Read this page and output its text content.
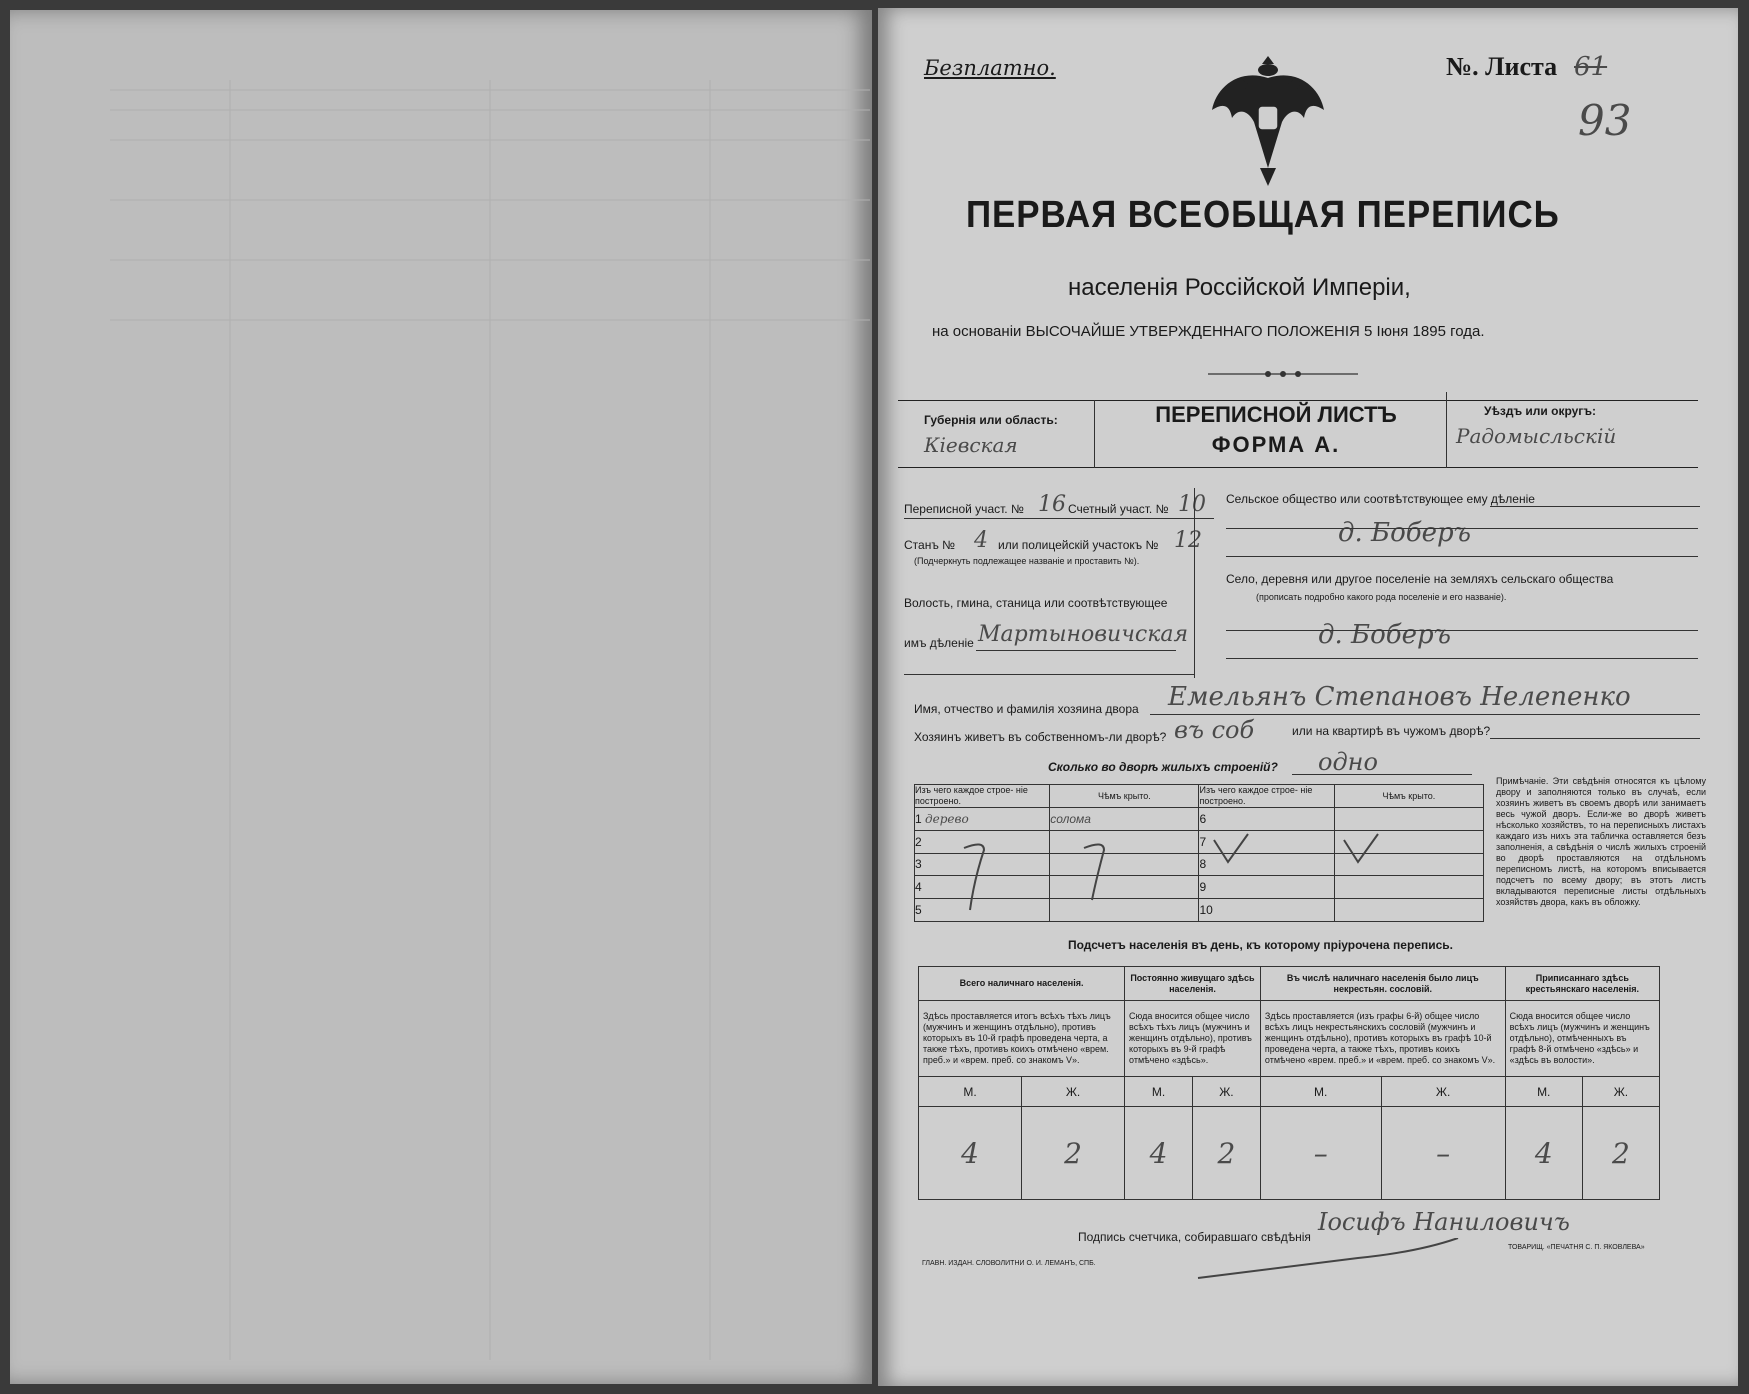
Безплатно.	№. Листа 61
93
ПЕРВАЯ ВСЕОБЩАЯ ПЕРЕПИСЬ
населенія Россійской Имперіи,
на основаніи ВЫСОЧАЙШЕ УТВЕРЖДЕННАГО ПОЛОЖЕНІЯ 5 Іюня 1895 года.
Губернія или область:
Кіевская
ПЕРЕПИСНОЙ ЛИСТЪ
ФОРМА А.
Уѣздъ или округъ:
Радомысльскій
Переписной участ. № 16 Счетный участ. № 10
Станъ № 4 или полицейскій участокъ № 12
(Подчеркнуть подлежащее названіе и проставить №).
Волость, гмина, станица или соотвѣтствующее
имъ дѣленіе Мартыновичская
Сельское общество или соотвѣтствующее ему дѣленіе
д. Боберъ
Село, деревня или другое поселеніе на земляхъ сельскаго общества
(прописать подробно какого рода поселеніе и его названіе).
д. Боберъ
Имя, отчество и фамилія хозяина двора Емельянъ Степановъ Нелепенко
Хозяинъ живетъ въ собственномъ-ли дворѣ? въ соб	или на квартирѣ въ чужомъ дворѣ?
Сколько во дворѣ жилыхъ строеній? одно
Изъ чего каждое строе- ніе построено.	Чѣмъ крыто.	Изъ чего каждое строе- ніе построено.	Чѣмъ крыто.
1 дерево	солома	6	
2		7	
3		8	
4		9	
5		10	
Примѣчаніе. Эти свѣдѣнія относятся къ цѣлому двору и заполняются только въ случаѣ, если хозяинъ живетъ въ своемъ дворѣ или занимаетъ весь чужой дворъ. Если-же во дворѣ живетъ нѣсколько хозяйствъ, то на переписныхъ листахъ каждаго изъ нихъ эта табличка оставляется безъ заполненія, а свѣдѣнія о числѣ жилыхъ строеній во дворѣ проставляются на отдѣльномъ переписномъ листѣ, на которомъ вписывается подсчетъ по всему двору; въ этотъ листъ вкладываются переписные листы отдѣльныхъ хозяйствъ двора, какъ въ обложку.
Подсчетъ населенія въ день, къ которому пріурочена перепись.
Всего наличнаго населенія.		Постоянно живущаго здѣсь населенія.		Въ числѣ наличнаго населенія было лицъ некрестьян. сословій.		Приписаннаго здѣсь крестьянскаго населенія.	
Здѣсь проставляется итогъ всѣхъ тѣхъ лицъ (мужчинъ и женщинъ отдѣльно), противъ которыхъ въ 10-й графѣ проведена черта, а также тѣхъ, противъ коихъ отмѣчено «врем. преб.» и «врем. преб. со знакомъ V».		Сюда вносится общее число всѣхъ тѣхъ лицъ (мужчинъ и женщинъ отдѣльно), противъ которыхъ въ 9-й графѣ отмѣчено «здѣсь».		Здѣсь проставляется (изъ графы 6-й) общее число всѣхъ лицъ некрестьянскихъ сословій (мужчинъ и женщинъ отдѣльно), противъ которыхъ въ графѣ 10-й проведена черта, а также тѣхъ, противъ коихъ отмѣчено «врем. преб.» и «врем. преб. со знакомъ V».		Сюда вносится общее число всѣхъ лицъ (мужчинъ и женщинъ отдѣльно), отмѣченныхъ въ графѣ 8-й отмѣчено «здѣсь» и «здѣсь въ волости».	
М.	Ж.	М.	Ж.	М.	Ж.	М.	Ж.
4	2	4	2	–	–	4	2
Подпись счетчика, собиравшаго свѣдѣнія
Іосифъ Наниловичъ
ГЛАВН. ИЗДАН. СЛОВОЛИТНИ О. И. ЛЕМАНЪ, СПБ.
ТОВАРИЩ. «ПЕЧАТНЯ С. П. ЯКОВЛЕВА»
